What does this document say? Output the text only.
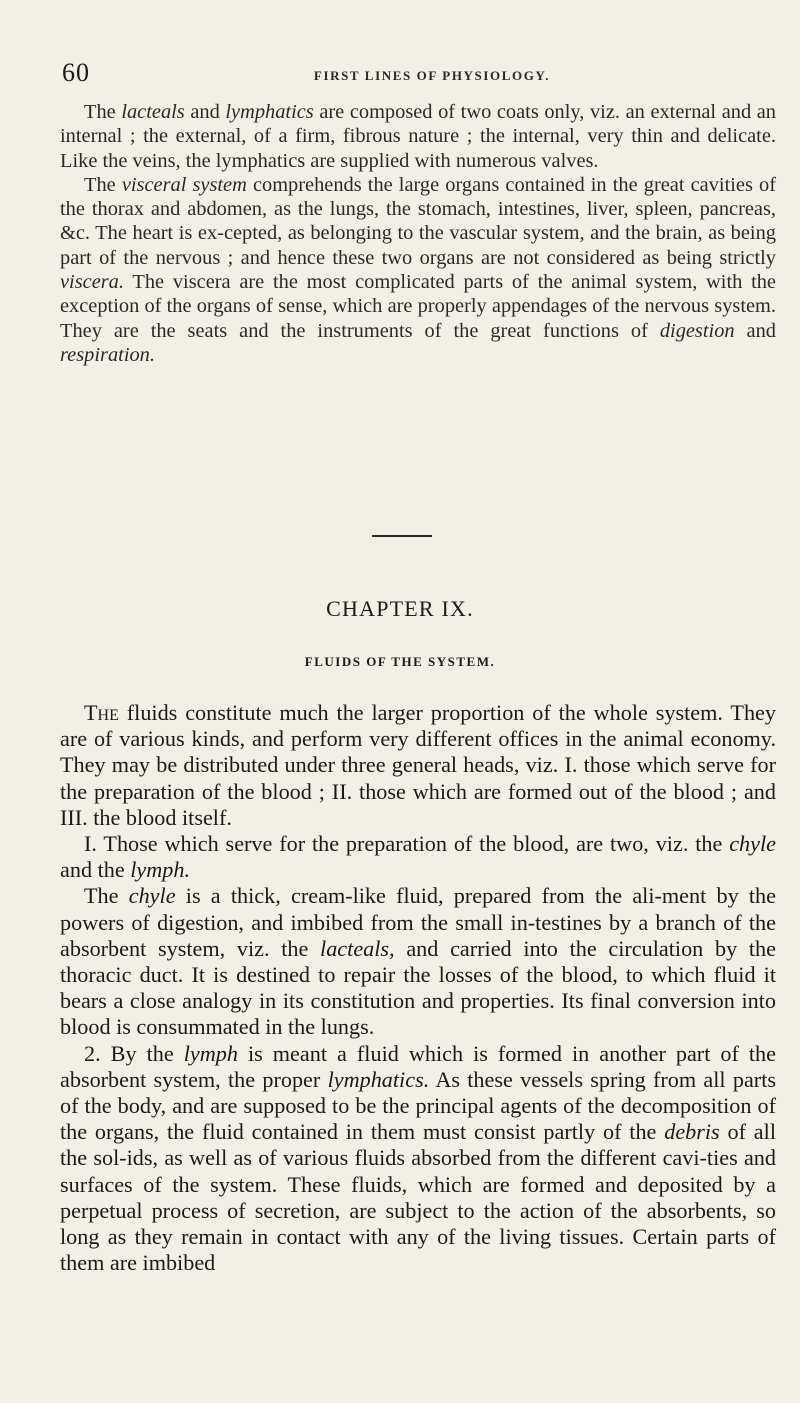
60	FIRST LINES OF PHYSIOLOGY.

The lacteals and lymphatics are composed of two coats only, viz. an external and an internal ; the external, of a firm, fibrous nature ; the internal, very thin and delicate. Like the veins, the lymphatics are supplied with numerous valves.

The visceral system comprehends the large organs contained in the great cavities of the thorax and abdomen, as the lungs, the stomach, intestines, liver, spleen, pancreas, &c. The heart is ex-cepted, as belonging to the vascular system, and the brain, as being part of the nervous ; and hence these two organs are not considered as being strictly viscera. The viscera are the most complicated parts of the animal system, with the exception of the organs of sense, which are properly appendages of the nervous system. They are the seats and the instruments of the great functions of digestion and respiration.

CHAPTER IX.
FLUIDS OF THE SYSTEM.

The fluids constitute much the larger proportion of the whole system. They are of various kinds, and perform very different offices in the animal economy. They may be distributed under three general heads, viz. I. those which serve for the preparation of the blood ; II. those which are formed out of the blood ; and III. the blood itself.

I. Those which serve for the preparation of the blood, are two, viz. the chyle and the lymph.

The chyle is a thick, cream-like fluid, prepared from the ali-ment by the powers of digestion, and imbibed from the small in-testines by a branch of the absorbent system, viz. the lacteals, and carried into the circulation by the thoracic duct. It is destined to repair the losses of the blood, to which fluid it bears a close analogy in its constitution and properties. Its final conversion into blood is consummated in the lungs.

2. By the lymph is meant a fluid which is formed in another part of the absorbent system, the proper lymphatics. As these vessels spring from all parts of the body, and are supposed to be the principal agents of the decomposition of the organs, the fluid contained in them must consist partly of the debris of all the sol-ids, as well as of various fluids absorbed from the different cavi-ties and surfaces of the system. These fluids, which are formed and deposited by a perpetual process of secretion, are subject to the action of the absorbents, so long as they remain in contact with any of the living tissues. Certain parts of them are imbibed
